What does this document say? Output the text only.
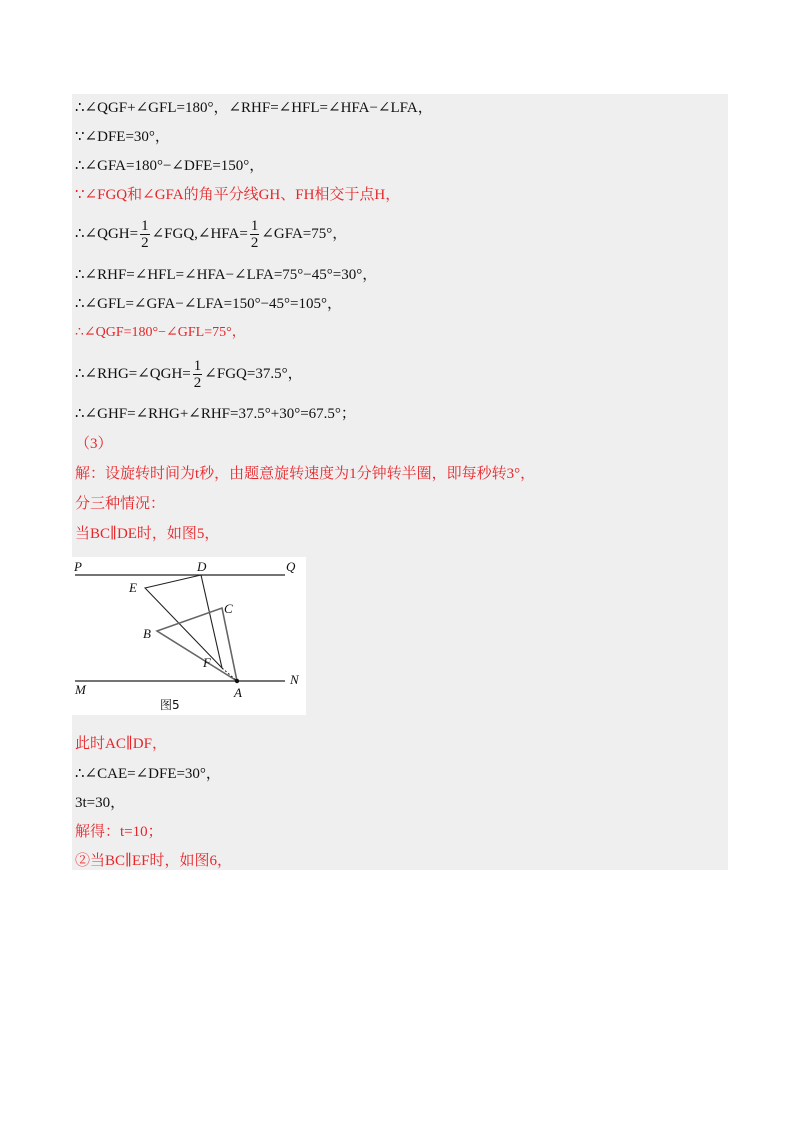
∴∠QGF+∠GFL=180°，∠RHF=∠HFL=∠HFA−∠LFA，
∵∠DFE=30°，
∴∠GFA=180°−∠DFE=150°，
∵∠FGQ和∠GFA的角平分线GH、FH相交于点H，
∴∠QGH= $\frac{1}{2}$ ∠FGQ,∠HFA= $\frac{1}{2}$ ∠GFA=75°，
∴∠RHF=∠HFL=∠HFA−∠LFA=75°−45°=30°，
∴∠GFL=∠GFA−∠LFA=150°−45°=105°，
∴∠QGF=180°−∠GFL=75°，
∴∠RHG=∠QGH= $\frac{1}{2}$ ∠FGQ=37.5°，
∴∠GHF=∠RHG+∠RHF=37.5°+30°=67.5°；
（3）
解：设旋转时间为t秒，由题意旋转速度为1分钟转半圈，即每秒转3°，
分三种情况：
当BC∥DE时，如图5，
P	Q
D
E
C
B
F
M	A
N
图5
此时AC∥DF，
∴∠CAE=∠DFE=30°，
3t=30，
解得：t=10；
②当BC∥EF时，如图6，
